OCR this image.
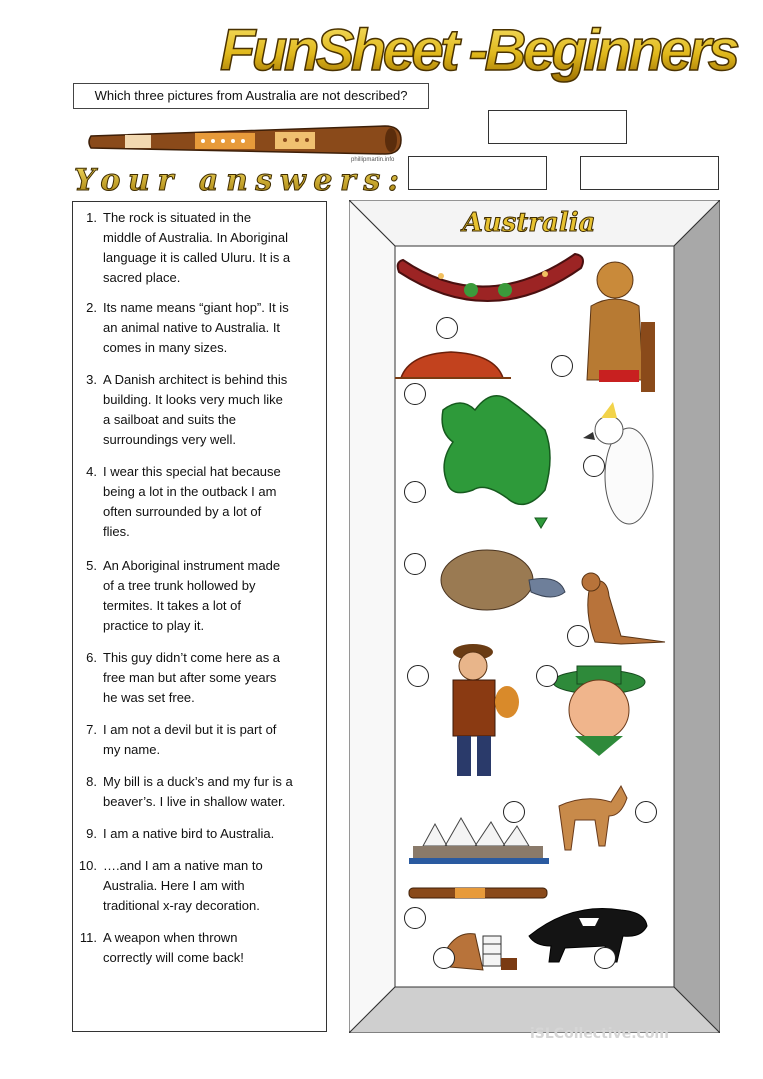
FunSheet -Beginners
Which three pictures from Australia are not described?
phillipmartin.info
Your answers:
1. The rock is situated in the
middle of Australia. In Aboriginal
language it is called Uluru. It is a
sacred place.
2. Its name means “giant hop”. It is
an animal native to Australia. It
comes in many sizes.
3. A Danish architect is behind this
building. It looks very much like
a sailboat and suits the
surroundings very well.
4. I wear this special hat because
being a lot in the outback I am
often surrounded by a lot of
flies.
5. An Aboriginal instrument made
of a tree trunk hollowed by
termites. It takes a lot of
practice to play it.
6. This guy didn’t come here as a
free man but after some years
he was set free.
7. I am not a devil but it is part of
my name.
8. My bill is a duck’s and my fur is a
beaver’s. I live in shallow water.
9. I am a native bird to Australia.
10. ….and I am a native man to
Australia. Here I am with
traditional x-ray decoration.
11. A weapon when thrown
correctly will come back!
Australia
iSLCollective.com
